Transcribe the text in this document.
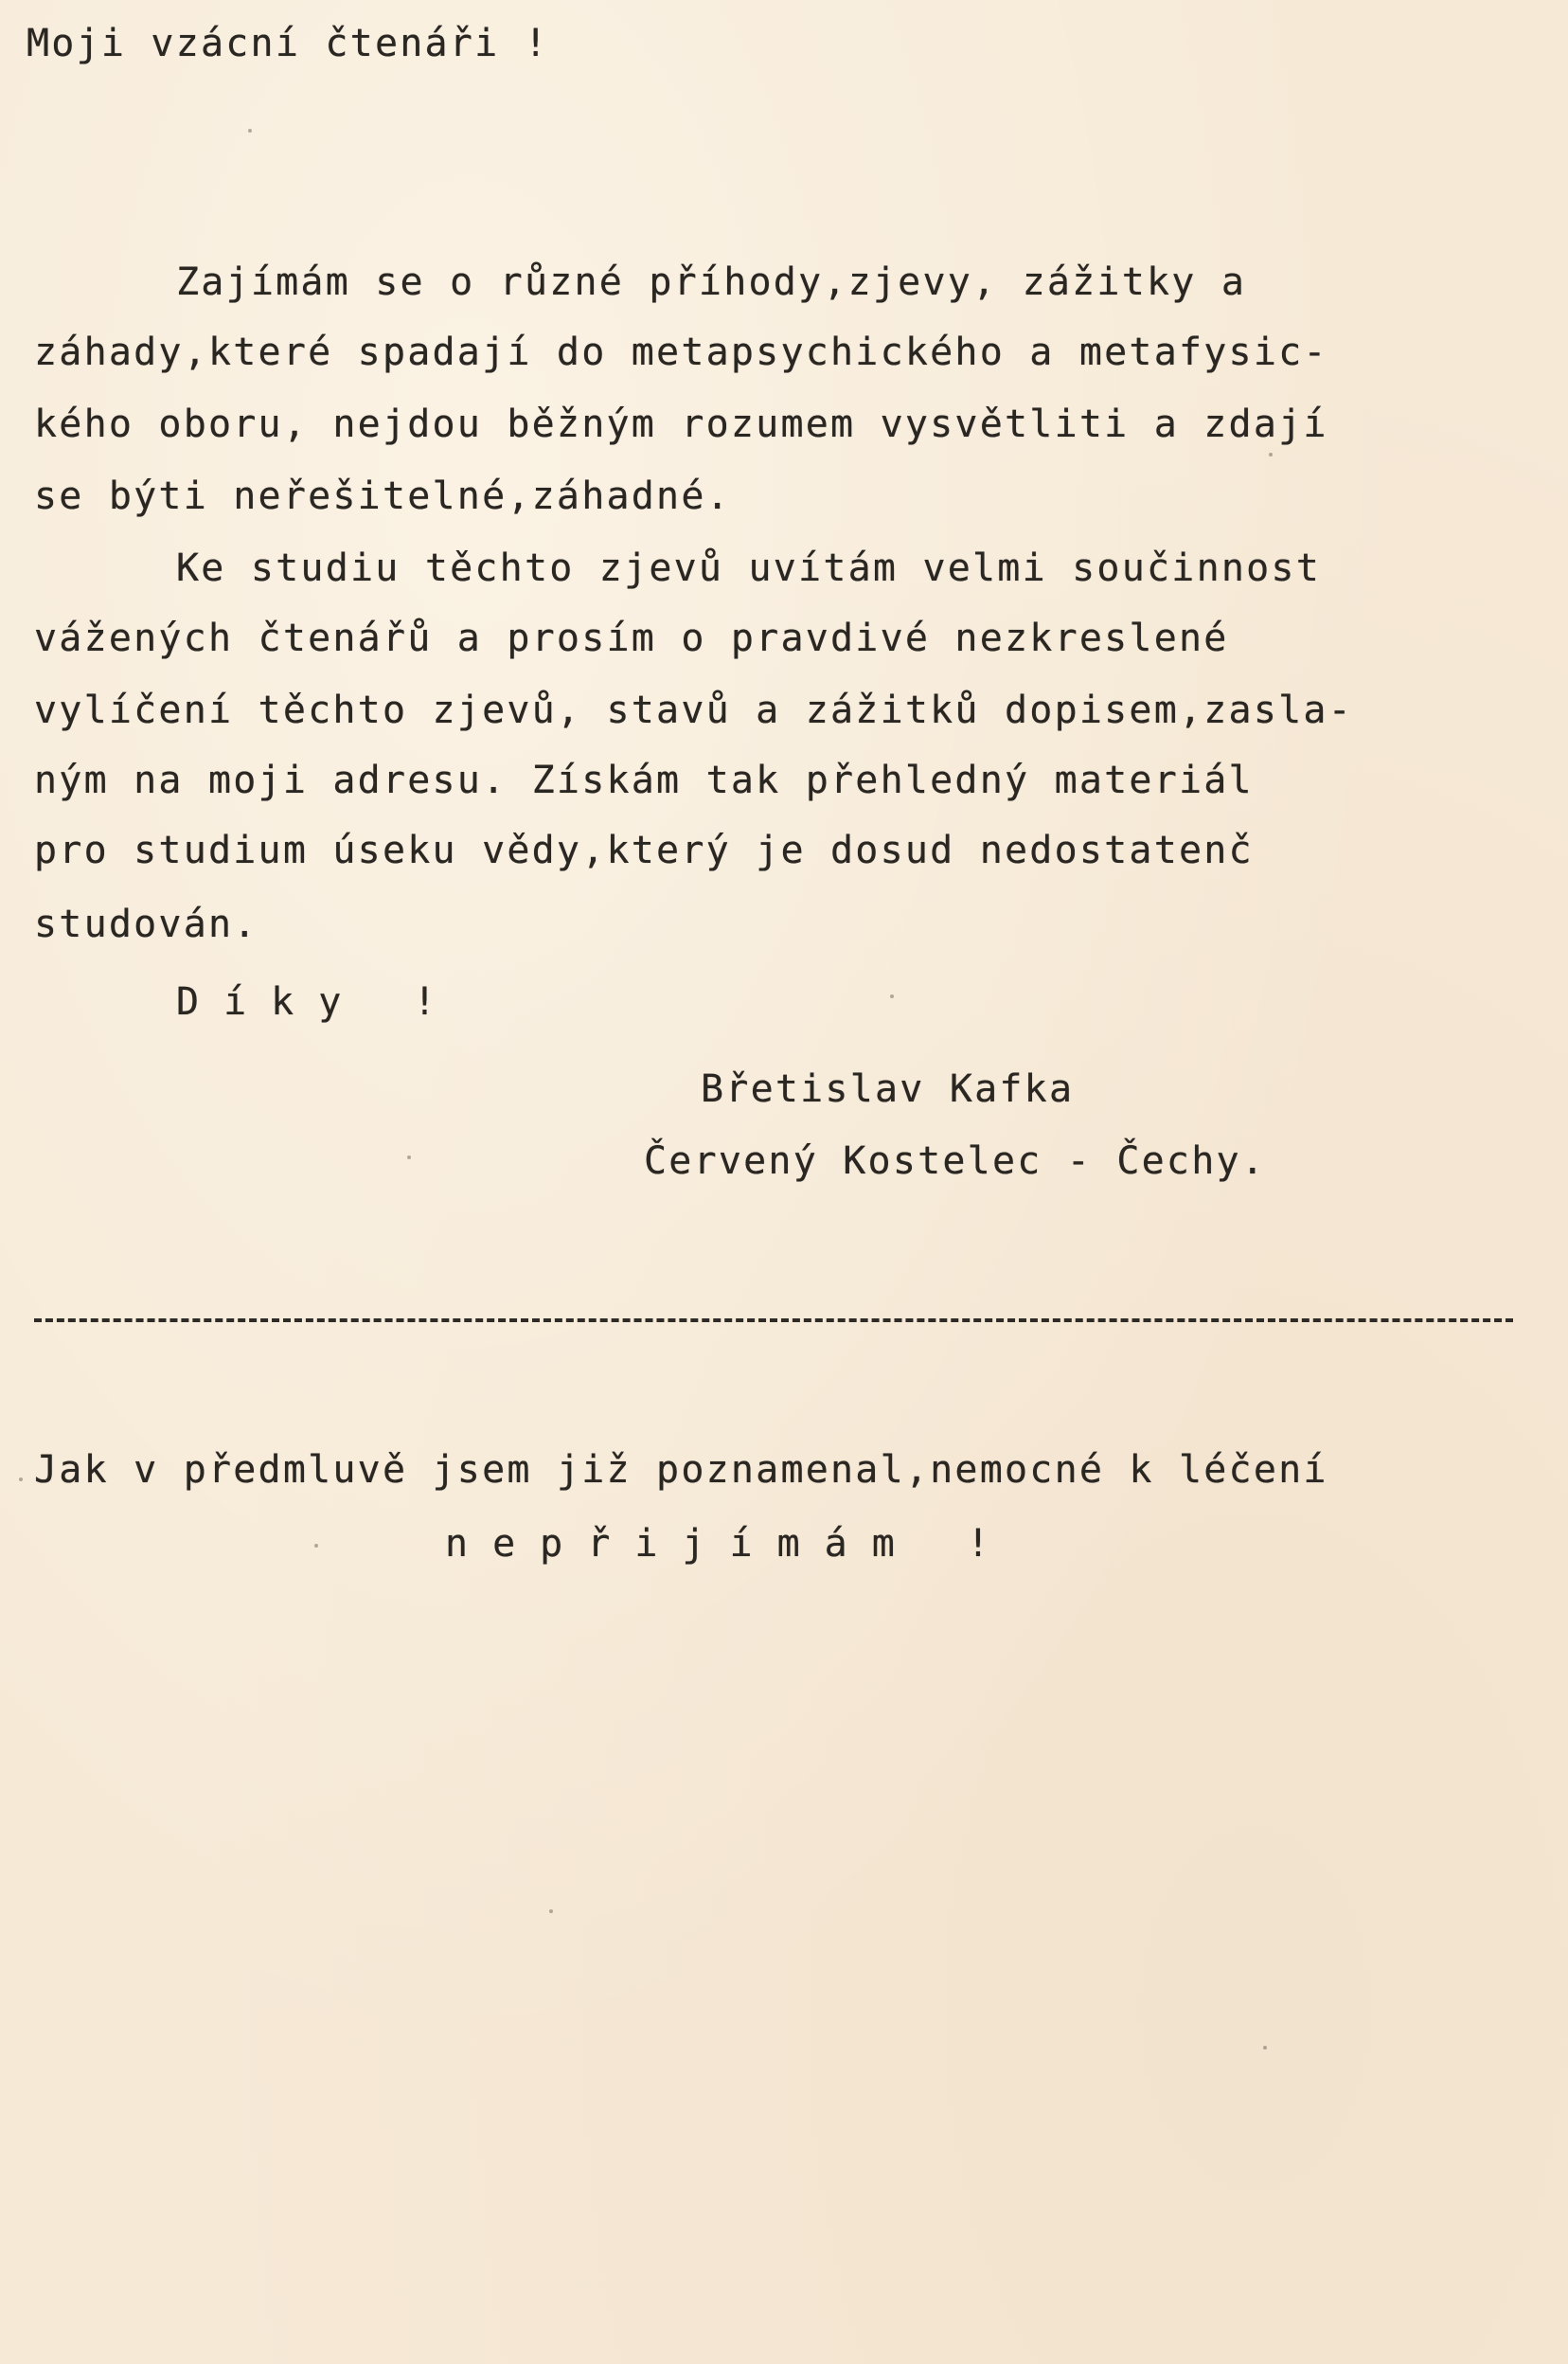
Moji vzácní čtenáři !
Zajímám se o různé příhody,zjevy, zážitky a
záhady,které spadají do metapsychického a metafysic-
kého oboru, nejdou běžným rozumem vysvětliti a zdají
se býti neřešitelné,záhadné.
Ke studiu těchto zjevů uvítám velmi součinnost
vážených čtenářů a prosím o pravdivé nezkreslené
vylíčení těchto zjevů, stavů a zážitků dopisem,zasla-
ným na moji adresu. Získám tak přehledný materiál
pro studium úseku vědy,který je dosud nedostatenč
studován.
Díky !
Břetislav Kafka
Červený Kostelec - Čechy.
Jak v předmluvě jsem již poznamenal,nemocné k léčení
nepřijímám !
